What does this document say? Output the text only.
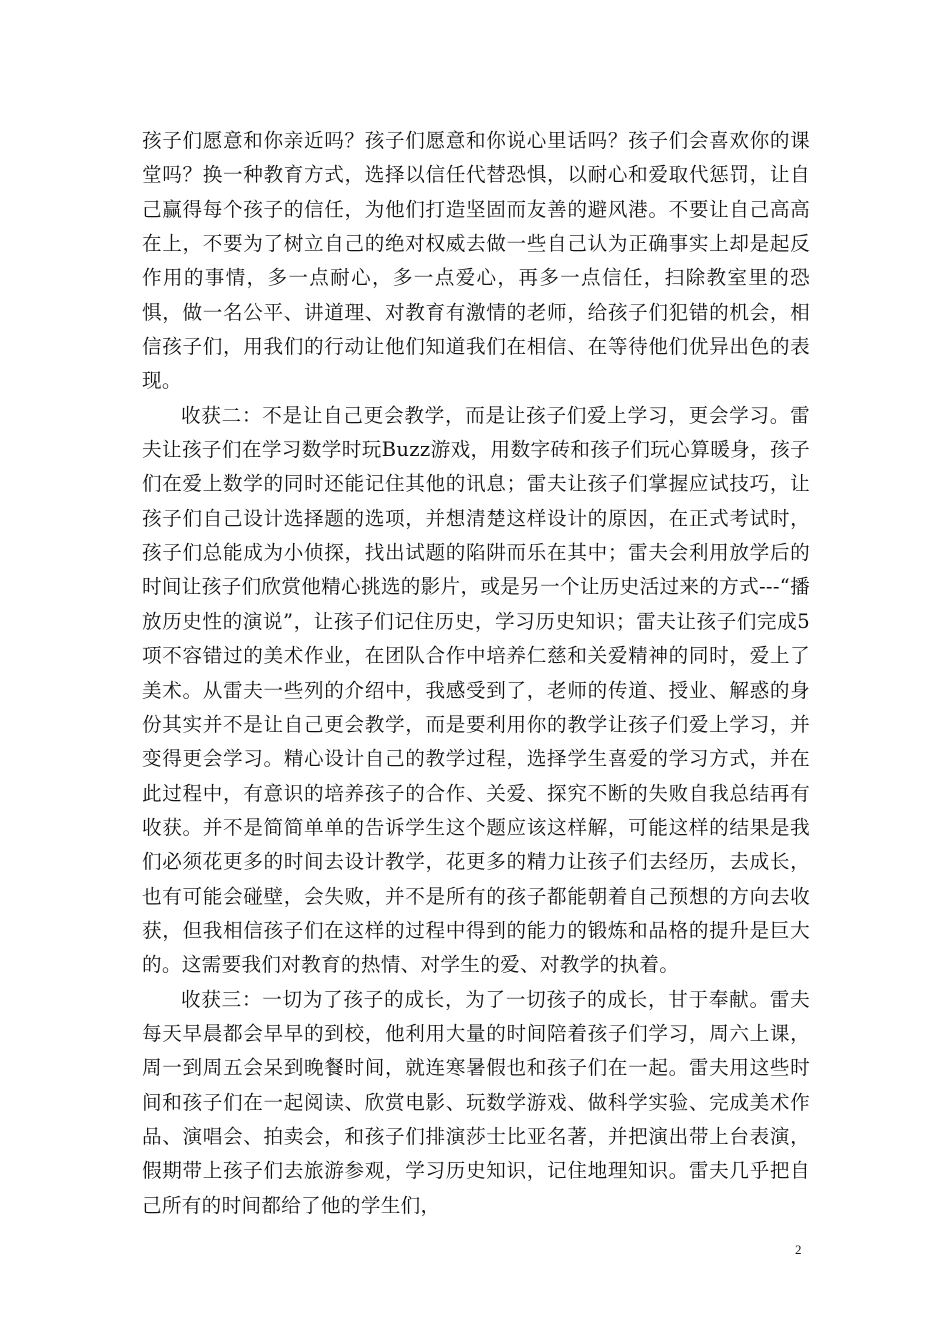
孩子们愿意和你亲近吗？孩子们愿意和你说心里话吗？孩子们会喜欢你的课堂吗？换一种教育方式，选择以信任代替恐惧，以耐心和爱取代惩罚，让自己赢得每个孩子的信任，为他们打造坚固而友善的避风港。不要让自己高高在上，不要为了树立自己的绝对权威去做一些自己认为正确事实上却是起反作用的事情，多一点耐心，多一点爱心，再多一点信任，扫除教室里的恐惧，做一名公平、讲道理、对教育有激情的老师，给孩子们犯错的机会，相信孩子们，用我们的行动让他们知道我们在相信、在等待他们优异出色的表现。

收获二：不是让自己更会教学，而是让孩子们爱上学习，更会学习。雷夫让孩子们在学习数学时玩Buzz游戏，用数字砖和孩子们玩心算暖身，孩子们在爱上数学的同时还能记住其他的讯息；雷夫让孩子们掌握应试技巧，让孩子们自己设计选择题的选项，并想清楚这样设计的原因，在正式考试时，孩子们总能成为小侦探，找出试题的陷阱而乐在其中；雷夫会利用放学后的时间让孩子们欣赏他精心挑选的影片，或是另一个让历史活过来的方式---“播放历史性的演说”，让孩子们记住历史，学习历史知识；雷夫让孩子们完成5项不容错过的美术作业，在团队合作中培养仁慈和关爱精神的同时，爱上了美术。从雷夫一些列的介绍中，我感受到了，老师的传道、授业、解惑的身份其实并不是让自己更会教学，而是要利用你的教学让孩子们爱上学习，并变得更会学习。精心设计自己的教学过程，选择学生喜爱的学习方式，并在此过程中，有意识的培养孩子的合作、关爱、探究不断的失败自我总结再有收获。并不是简简单单的告诉学生这个题应该这样解，可能这样的结果是我们必须花更多的时间去设计教学，花更多的精力让孩子们去经历，去成长，也有可能会碰壁，会失败，并不是所有的孩子都能朝着自己预想的方向去收获，但我相信孩子们在这样的过程中得到的能力的锻炼和品格的提升是巨大的。这需要我们对教育的热情、对学生的爱、对教学的执着。

收获三：一切为了孩子的成长，为了一切孩子的成长，甘于奉献。雷夫每天早晨都会早早的到校，他利用大量的时间陪着孩子们学习，周六上课，周一到周五会呆到晚餐时间，就连寒暑假也和孩子们在一起。雷夫用这些时间和孩子们在一起阅读、欣赏电影、玩数学游戏、做科学实验、完成美术作品、演唱会、拍卖会，和孩子们排演莎士比亚名著，并把演出带上台表演，假期带上孩子们去旅游参观，学习历史知识，记住地理知识。雷夫几乎把自己所有的时间都给了他的学生们，

2
